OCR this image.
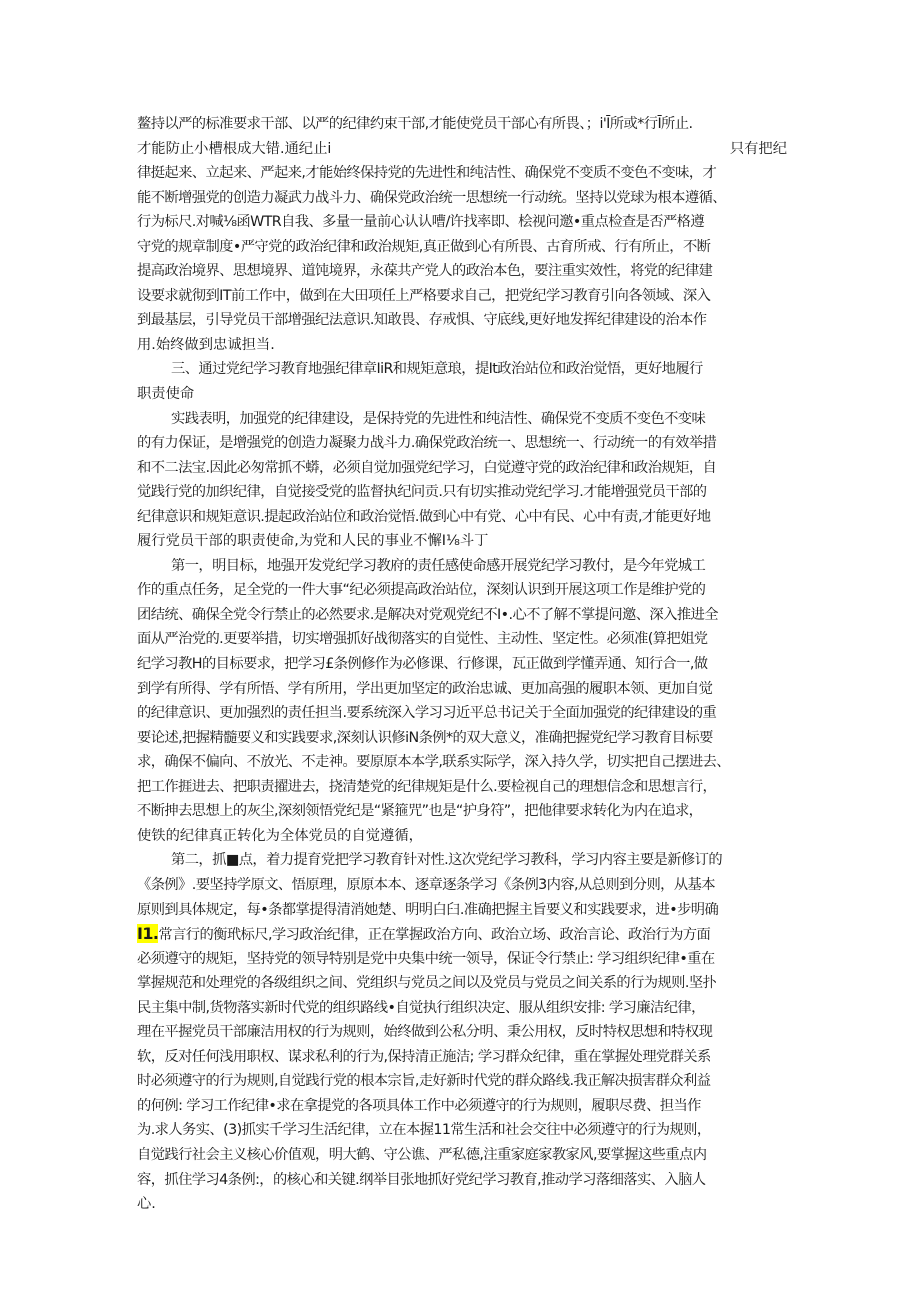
鳌持以严的标准要求干部、以严的纪律约束干部,才能使党员干部心有所畏、；i'Ī所或*行Ī所止.
才能防止小槽根成大错.通纪止i	只有把纪
律挺起来、立起来、严起来,才能始终保持党的先进性和纯洁性、确保党不变质不变色不变味，才
能不断增强党的创造力凝武力战斗力、确保党政治统一思想统一行动统。坚持以党球为根本遵循、
行为标尺.对喊⅛函WTR自我、多量一量前心认认嘈/许找率即、桧视问邀•重点检查是否严格遵
守党的规章制度•严守党的政治纪律和政治规矩,真正做到心有所畏、古育所戒、行有所止，不断
提高政治境界、思想境界、道饨境界，永葆共产党人的政治本色，要注重实效性，将党的纪律建
设要求就彻到IT前工作中，做到在大田项任上严格要求自己，把党纪学习教育引向各领域、深入
到最基层，引导党员干部增强纪法意识.知敢畏、存戒惧、守底线,更好地发挥纪律建设的治本作
用.始终做到忠诚担当.
三、通过党纪学习教育地强纪律章IiR和规矩意琅，提It政治站位和政治觉悟，更好地履行
职责使命
实践表明，加强党的纪律建设，是保持党的先进性和纯洁性、确保党不变质不变色不变味
的有力保证，是增强党的创造力凝聚力战斗力.确保党政治统一、思想统一、行动统一的有效举措
和不二法宝.因此必匆常抓不蟒，必须自觉加强党纪学习，白觉遵守党的政治纪律和政治规矩，自
觉践行党的加织纪律，自觉接受党的监督执纪问贡.只有切实推动党纪学习.才能增强党员干部的
纪律意识和规矩意识.提起政治站位和政治觉悟.做到心中有党、心中有民、心中有责,才能更好地
履行党员干部的职责使命,为党和人民的事业不懈I⅛斗丁
第一，明目标，地强开发党纪学习教府的责任感使命感开展党纪学习教付，是今年党城工
作的重点任务，足全党的一件大事“纪必须提高政治站位，深刻认识到开展这项工作是维护党的
团结统、确保全党令行禁止的必然要求.是解决对党观党纪不I•.心不了解不掌提问邀、深入推进全
面从严治党的.更要举措，切实增强抓好战彻落实的自觉性、主动性、坚定性。必须准(算把姐党
纪学习教H的目标要求，把学习£条例修作为必修课、行修课，瓦正做到学懂弄通、知行合一,做
到学有所得、学有所悟、学有所用，学出更加坚定的政治忠诚、更加高强的履职本领、更加自觉
的纪律意识、更加强烈的责任担当.要系统深入学习习近平总书记关于全面加强党的纪律建设的重
要论述,把握精髓要义和实践要求,深刻认识修iN条例*的双大意义，准确把握党纪学习教育目标要
求，确保不偏向、不放光、不走神。要原原本本学,联系实际学，深入持久学，切实把自己摆进去、
把工作捱进去、把职责擢进去，挠清楚党的纪律规矩是什么.要检视自己的理想信念和思想言行，
不断抻去思想上的灰尘,深刻领悟党纪是“紧箍咒”也是“护身符”，把他律要求转化为内在追求，
使铁的纪律真正转化为全体党员的自觉遵循，
第二，抓■点，着力提育党把学习教育针对性.这次党纪学习教科，学习内容主要是新修订的
《条例》.要坚持学原文、悟原理，原原本本、逐章逐条学习《条例3内容,从总则到分则，从基本
原则到具体规定，每•条都掌提得清消她楚、明明白臼.准确把握主旨要义和实践要求，进•步明确
I1.常言行的衡玳标尺,学习政治纪律，正在掌握政治方向、政治立场、政治言论、政治行为方面
必须遵守的规矩，坚持党的领导特别是党中央集中统一领导，保证令行禁止: 学习组织纪律•重在
掌握规范和处理党的各级组织之间、党组织与党员之间以及党员与党员之间关系的行为规则.坚扑
民主集中制,货物落实新时代党的组织路线•自觉执行组织决定、服从组织安排: 学习廉洁纪律，
理在平握党员干部廉洁用权的行为规则，始终做到公私分明、秉公用权，反时特权思想和特权现
软，反对任何浅用职权、谋求私利的行为,保持清正施洁; 学习群众纪律，重在掌握处理党群关系
时必须遵守的行为规则,自觉践行党的根本宗旨,走好新时代党的群众路线.我正解决损害群众利益
的何例: 学习工作纪律•求在拿提党的各项具体工作中必须遵守的行为规则，履职尽费、担当作
为.求人务实、(3)抓实千学习生活纪律，立在本握11常生活和社会交往中必须遵守的行为规则，
自觉践行社会主义核心价值观，明大鹤、守公谯、严私德,注重家庭家教家风,要掌握这些重点内
容，抓住学习4条例:，的核心和关键.纲举目张地抓好党纪学习教育,推动学习落细落实、入脑人
心.
